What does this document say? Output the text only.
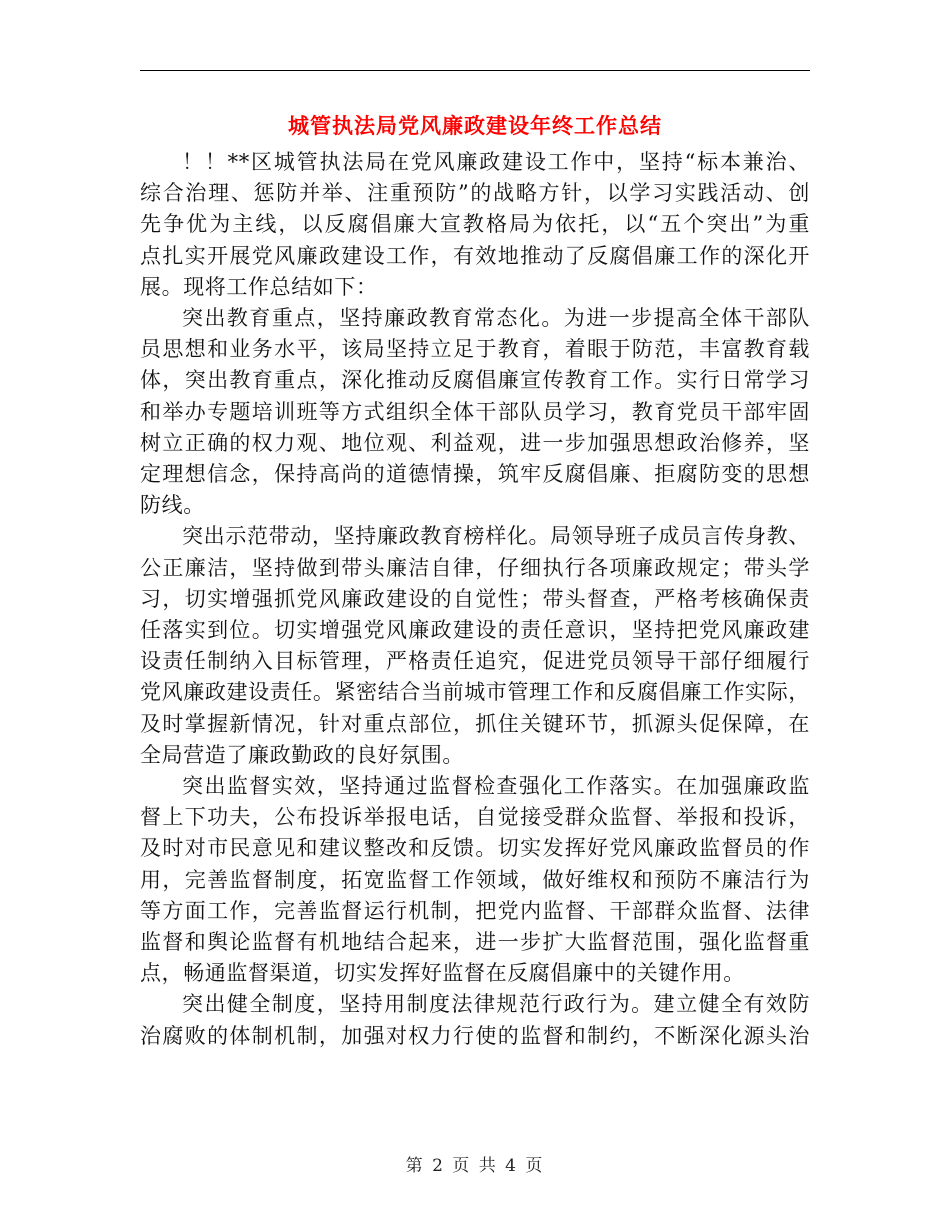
城管执法局党风廉政建设年终工作总结
！！**区城管执法局在党风廉政建设工作中，坚持“标本兼治、
综合治理、惩防并举、注重预防”的战略方针，以学习实践活动、创
先争优为主线，以反腐倡廉大宣教格局为依托，以“五个突出”为重
点扎实开展党风廉政建设工作，有效地推动了反腐倡廉工作的深化开
展。现将工作总结如下：
突出教育重点，坚持廉政教育常态化。为进一步提高全体干部队
员思想和业务水平，该局坚持立足于教育，着眼于防范，丰富教育载
体，突出教育重点，深化推动反腐倡廉宣传教育工作。实行日常学习
和举办专题培训班等方式组织全体干部队员学习，教育党员干部牢固
树立正确的权力观、地位观、利益观，进一步加强思想政治修养，坚
定理想信念，保持高尚的道德情操，筑牢反腐倡廉、拒腐防变的思想
防线。
突出示范带动，坚持廉政教育榜样化。局领导班子成员言传身教、
公正廉洁，坚持做到带头廉洁自律，仔细执行各项廉政规定；带头学
习，切实增强抓党风廉政建设的自觉性；带头督查，严格考核确保责
任落实到位。切实增强党风廉政建设的责任意识，坚持把党风廉政建
设责任制纳入目标管理，严格责任追究，促进党员领导干部仔细履行
党风廉政建设责任。紧密结合当前城市管理工作和反腐倡廉工作实际，
及时掌握新情况，针对重点部位，抓住关键环节，抓源头促保障，在
全局营造了廉政勤政的良好氛围。
突出监督实效，坚持通过监督检查强化工作落实。在加强廉政监
督上下功夫，公布投诉举报电话，自觉接受群众监督、举报和投诉，
及时对市民意见和建议整改和反馈。切实发挥好党风廉政监督员的作
用，完善监督制度，拓宽监督工作领域，做好维权和预防不廉洁行为
等方面工作，完善监督运行机制，把党内监督、干部群众监督、法律
监督和舆论监督有机地结合起来，进一步扩大监督范围，强化监督重
点，畅通监督渠道，切实发挥好监督在反腐倡廉中的关键作用。
突出健全制度，坚持用制度法律规范行政行为。建立健全有效防
治腐败的体制机制，加强对权力行使的监督和制约，不断深化源头治
第 2 页 共 4 页
